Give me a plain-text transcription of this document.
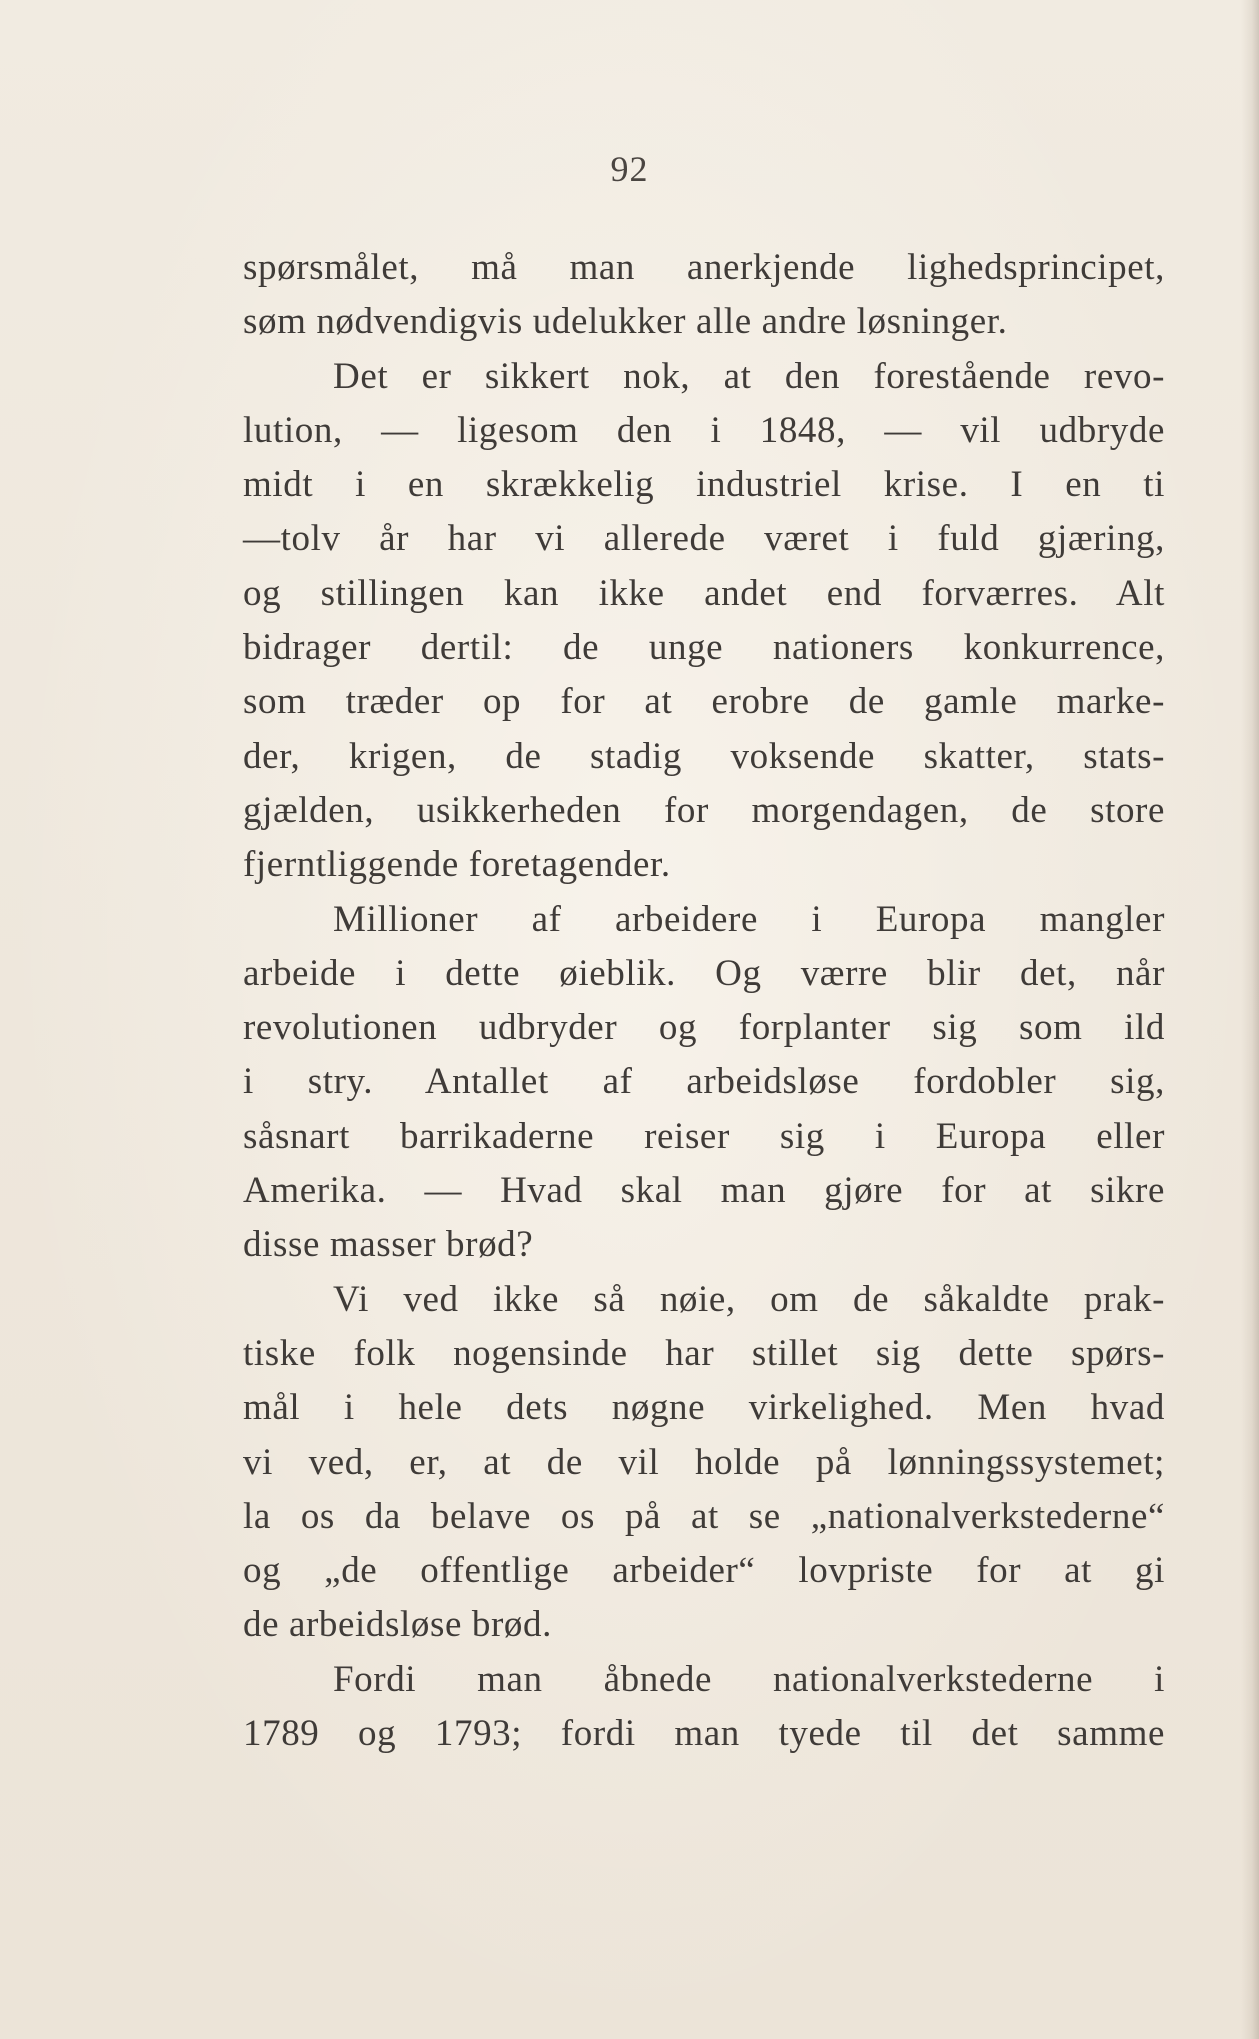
92
spørsmålet, må man anerkjende lighedsprincipet,
søm nødvendigvis udelukker alle andre løsninger.
Det er sikkert nok, at den forestående revo-
lution, — ligesom den i 1848, — vil udbryde
midt i en skrækkelig industriel krise. I en ti
—tolv år har vi allerede været i fuld gjæring,
og stillingen kan ikke andet end forværres. Alt
bidrager dertil: de unge nationers konkurrence,
som træder op for at erobre de gamle marke-
der, krigen, de stadig voksende skatter, stats-
gjælden, usikkerheden for morgendagen, de store
fjerntliggende foretagender.
Millioner af arbeidere i Europa mangler
arbeide i dette øieblik. Og værre blir det, når
revolutionen udbryder og forplanter sig som ild
i stry. Antallet af arbeidsløse fordobler sig,
såsnart barrikaderne reiser sig i Europa eller
Amerika. — Hvad skal man gjøre for at sikre
disse masser brød?
Vi ved ikke så nøie, om de såkaldte prak-
tiske folk nogensinde har stillet sig dette spørs-
mål i hele dets nøgne virkelighed. Men hvad
vi ved, er, at de vil holde på lønningssystemet;
la os da belave os på at se „nationalverkstederne“
og „de offentlige arbeider“ lovpriste for at gi
de arbeidsløse brød.
Fordi man åbnede nationalverkstederne i
1789 og 1793; fordi man tyede til det samme
